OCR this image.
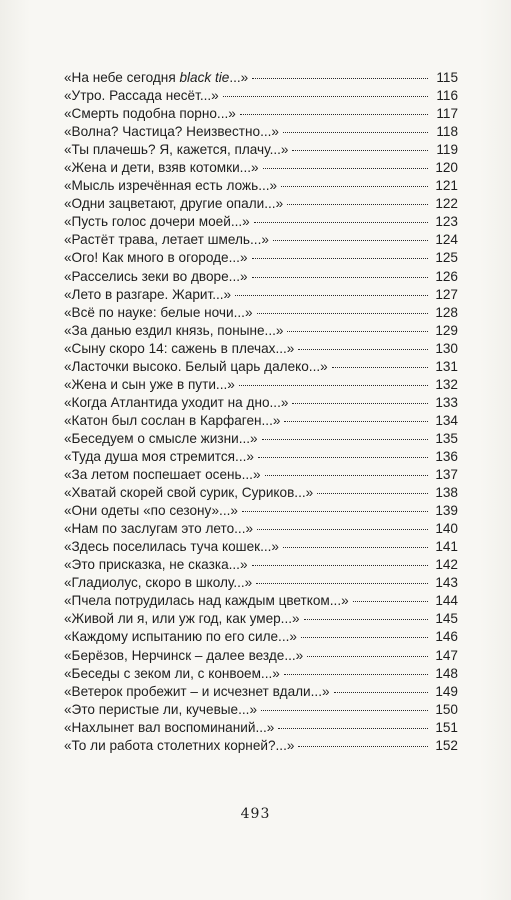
«На небе сегодня black tie...»	115
«Утро. Рассада несёт...»	116
«Смерть подобна порно...»	117
«Волна? Частица? Неизвестно...»	118
«Ты плачешь? Я, кажется, плачу...»	119
«Жена и дети, взяв котомки...»	120
«Мысль изречённая есть ложь...»	121
«Одни зацветают, другие опали...»	122
«Пусть голос дочери моей...»	123
«Растёт трава, летает шмель...»	124
«Ого! Как много в огороде...»	125
«Расселись зеки во дворе...»	126
«Лето в разгаре. Жарит...»	127
«Всё по науке: белые ночи...»	128
«За данью ездил князь, поныне...»	129
«Сыну скоро 14: сажень в плечах...»	130
«Ласточки высоко. Белый царь далеко...»	131
«Жена и сын уже в пути...»	132
«Когда Атлантида уходит на дно...»	133
«Катон был сослан в Карфаген...»	134
«Беседуем о смысле жизни...»	135
«Туда душа моя стремится...»	136
«За летом поспешает осень...»	137
«Хватай скорей свой сурик, Суриков...»	138
«Они одеты «по сезону»...»	139
«Нам по заслугам это лето...»	140
«Здесь поселилась туча кошек...»	141
«Это присказка, не сказка...»	142
«Гладиолус, скоро в школу...»	143
«Пчела потрудилась над каждым цветком...»	144
«Живой ли я, или уж год, как умер...»	145
«Каждому испытанию по его силе...»	146
«Берёзов, Нерчинск – далее везде...»	147
«Беседы с зеком ли, с конвоем...»	148
«Ветерок пробежит – и исчезнет вдали...»	149
«Это перистые ли, кучевые...»	150
«Нахлынет вал воспоминаний...»	151
«То ли работа столетних корней?...»	152
493
